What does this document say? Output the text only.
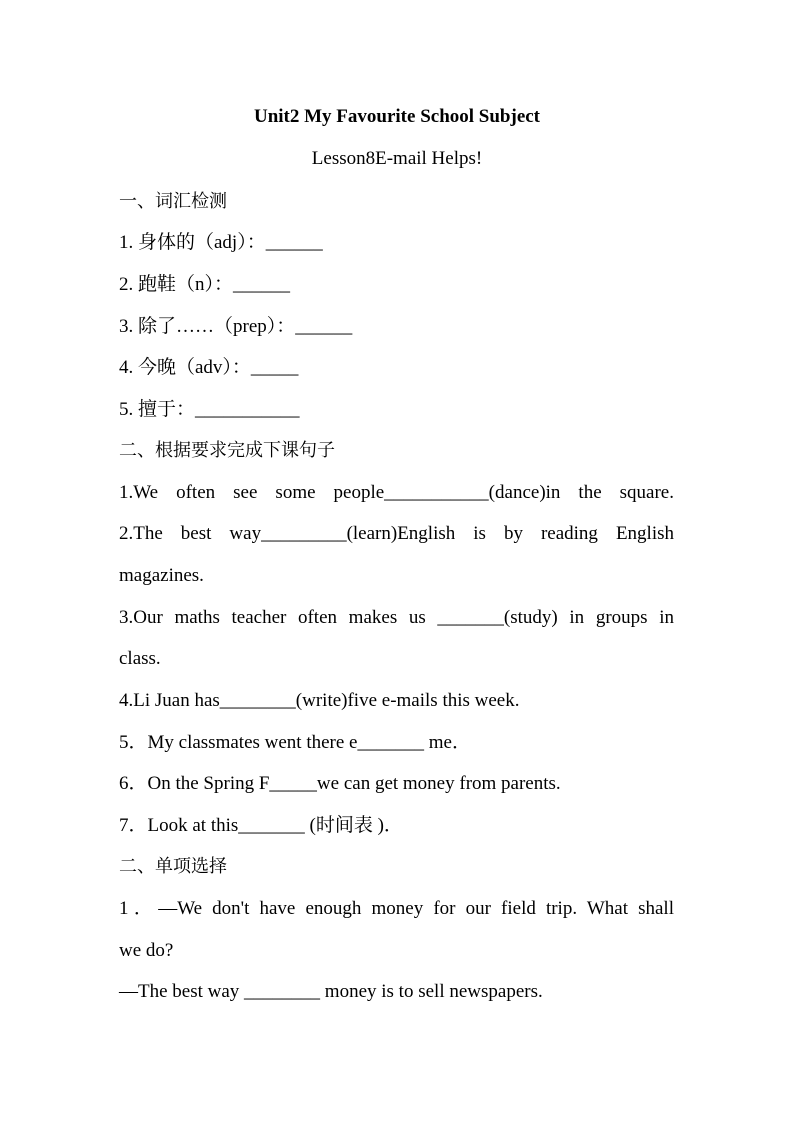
Unit2 My Favourite School Subject
Lesson8E-mail Helps!
一、词汇检测
1. 身体的（adj）：______
2. 跑鞋（n）：______
3. 除了……（prep）：______
4. 今晚（adv）：_____
5. 擅于：___________
二、根据要求完成下课句子
1.We often see some people___________(dance)in the square.
2.The best way_________(learn)English is by reading English
magazines.
3.Our maths teacher often makes us _______(study) in groups in
class.
4.Li Juan has________(write)five e-mails this week.
5．My classmates went there e_______ me．
6．On the Spring F_____we can get money from parents.
7．Look at this_______ (时间表 )．
二、单项选择
1．—We don't have enough money for our field trip. What shall
we do?
—The best way ________ money is to sell newspapers.
